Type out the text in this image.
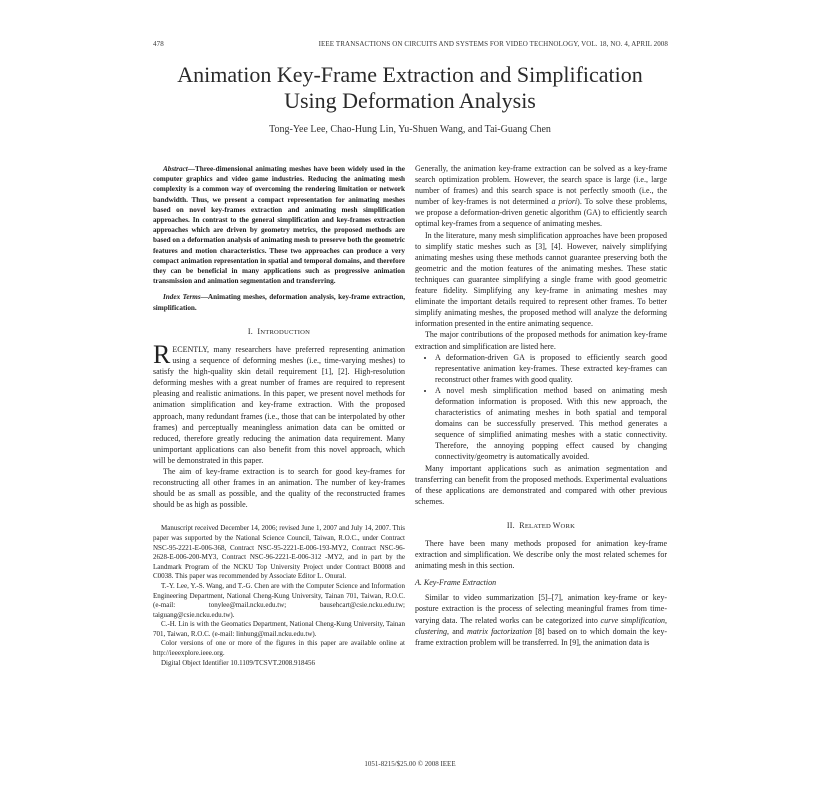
478	IEEE TRANSACTIONS ON CIRCUITS AND SYSTEMS FOR VIDEO TECHNOLOGY, VOL. 18, NO. 4, APRIL 2008
Animation Key-Frame Extraction and Simplification
Using Deformation Analysis
Tong-Yee Lee, Chao-Hung Lin, Yu-Shuen Wang, and Tai-Guang Chen

Abstract—Three-dimensional animating meshes have been widely used in the computer graphics and video game industries. Reducing the animating mesh complexity is a common way of overcoming the rendering limitation or network bandwidth. Thus, we present a compact representation for animating meshes based on novel key-frames extraction and animating mesh simplification approaches. In contrast to the general simplification and key-frames extraction approaches which are driven by geometry metrics, the proposed methods are based on a deformation analysis of animating mesh to preserve both the geometric features and motion characteristics. These two approaches can produce a very compact animation representation in spatial and temporal domains, and therefore they can be beneficial in many applications such as progressive animation transmission and animation segmentation and transferring.

Index Terms—Animating meshes, deformation analysis, key-frame extraction, simplification.

I. INTRODUCTION

RECENTLY, many researchers have preferred representing animation using a sequence of deforming meshes (i.e., time-varying meshes) to satisfy the high-quality skin detail requirement [1], [2]. High-resolution deforming meshes with a great number of frames are required to represent pleasing and realistic animations. In this paper, we present novel methods for animation simplification and key-frame extraction. With the proposed approach, many redundant frames (i.e., those that can be interpolated by other frames) and perceptually meaningless animation data can be omitted or reduced, therefore greatly reducing the animation data requirement. Many unimportant applications can also benefit from this novel approach, which will be demonstrated in this paper.

The aim of key-frame extraction is to search for good key-frames for reconstructing all other frames in an animation. The number of key-frames should be as small as possible, and the quality of the reconstructed frames should be as high as possible.

Manuscript received December 14, 2006; revised June 1, 2007 and July 14, 2007. This paper was supported by the National Science Council, Taiwan, R.O.C., under Contract NSC-95-2221-E-006-368, Contract NSC-95-2221-E-006-193-MY2, Contract NSC-96-2628-E-006-200-MY3, Contract NSC-96-2221-E-006-312 -MY2, and in part by the Landmark Program of the NCKU Top University Project under Contract B0008 and C0038. This paper was recommended by Associate Editor L. Onural.

T.-Y. Lee, Y.-S. Wang, and T.-G. Chen are with the Computer Science and Information Engineering Department, National Cheng-Kung University, Tainan 701, Taiwan, R.O.C. (e-mail: tonylee@mail.ncku.edu.tw; bausehcart@csie.ncku.edu.tw; taiguang@csie.ncku.edu.tw).

C.-H. Lin is with the Geomatics Department, National Cheng-Kung University, Tainan 701, Taiwan, R.O.C. (e-mail: linhung@mail.ncku.edu.tw).

Color versions of one or more of the figures in this paper are available online at http://ieeexplore.ieee.org.

Digital Object Identifier 10.1109/TCSVT.2008.918456

Generally, the animation key-frame extraction can be solved as a key-frame search optimization problem. However, the search space is large (i.e., large number of frames) and this search space is not perfectly smooth (i.e., the number of key-frames is not determined a priori). To solve these problems, we propose a deformation-driven genetic algorithm (GA) to efficiently search optimal key-frames from a sequence of animating meshes.

In the literature, many mesh simplification approaches have been proposed to simplify static meshes such as [3], [4]. However, naively simplifying animating meshes using these methods cannot guarantee preserving both the geometric and the motion features of the animating meshes. These static techniques can guarantee simplifying a single frame with good geometric feature fidelity. Simplifying any key-frame in animating meshes may eliminate the important details required to represent other frames. To better simplify animating meshes, the proposed method will analyze the deforming information presented in the entire animating sequence.

The major contributions of the proposed methods for animation key-frame extraction and simplification are listed here.

• A deformation-driven GA is proposed to efficiently search good representative animation key-frames. These extracted key-frames can reconstruct other frames with good quality.
• A novel mesh simplification method based on animating mesh deformation information is proposed. With this new approach, the characteristics of animating meshes in both spatial and temporal domains can be successfully preserved. This method generates a sequence of simplified animating meshes with a static connectivity. Therefore, the annoying popping effect caused by changing connectivity/geometry is automatically avoided.

Many important applications such as animation segmentation and transferring can benefit from the proposed methods. Experimental evaluations of these applications are demonstrated and compared with other previous schemes.

II. RELATED WORK

There have been many methods proposed for animation key-frame extraction and simplification. We describe only the most related schemes for animating mesh in this section.

A. Key-Frame Extraction

Similar to video summarization [5]–[7], animation key-frame or key-posture extraction is the process of selecting meaningful frames from time-varying data. The related works can be categorized into curve simplification, clustering, and matrix factorization [8] based on to which domain the key-frame extraction problem will be transferred. In [9], the animation data is

1051-8215/$25.00 © 2008 IEEE
